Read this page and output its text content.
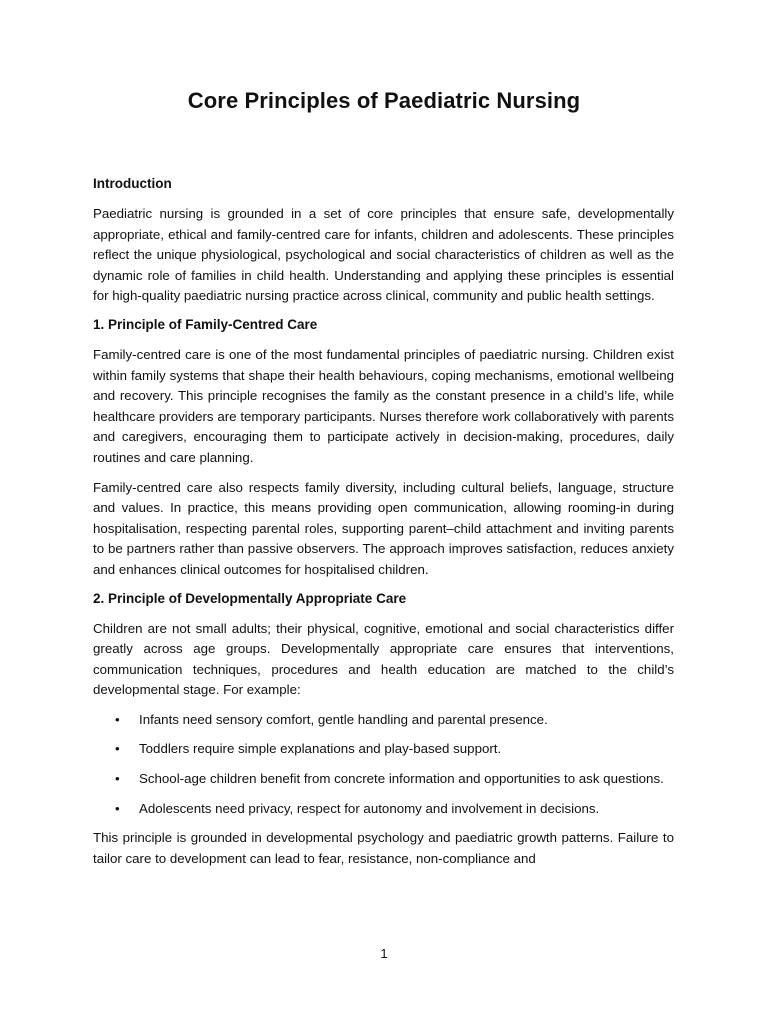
Core Principles of Paediatric Nursing
Introduction

Paediatric nursing is grounded in a set of core principles that ensure safe, developmentally appropriate, ethical and family-centred care for infants, children and adolescents. These principles reflect the unique physiological, psychological and social characteristics of children as well as the dynamic role of families in child health. Understanding and applying these principles is essential for high-quality paediatric nursing practice across clinical, community and public health settings.

1. Principle of Family-Centred Care

Family-centred care is one of the most fundamental principles of paediatric nursing. Children exist within family systems that shape their health behaviours, coping mechanisms, emotional wellbeing and recovery. This principle recognises the family as the constant presence in a child’s life, while healthcare providers are temporary participants. Nurses therefore work collaboratively with parents and caregivers, encouraging them to participate actively in decision-making, procedures, daily routines and care planning.

Family-centred care also respects family diversity, including cultural beliefs, language, structure and values. In practice, this means providing open communication, allowing rooming-in during hospitalisation, respecting parental roles, supporting parent–child attachment and inviting parents to be partners rather than passive observers. The approach improves satisfaction, reduces anxiety and enhances clinical outcomes for hospitalised children.

2. Principle of Developmentally Appropriate Care

Children are not small adults; their physical, cognitive, emotional and social characteristics differ greatly across age groups. Developmentally appropriate care ensures that interventions, communication techniques, procedures and health education are matched to the child’s developmental stage. For example:

• Infants need sensory comfort, gentle handling and parental presence.
• Toddlers require simple explanations and play-based support.
• School-age children benefit from concrete information and opportunities to ask questions.
• Adolescents need privacy, respect for autonomy and involvement in decisions.

This principle is grounded in developmental psychology and paediatric growth patterns. Failure to tailor care to development can lead to fear, resistance, non-compliance and

1
